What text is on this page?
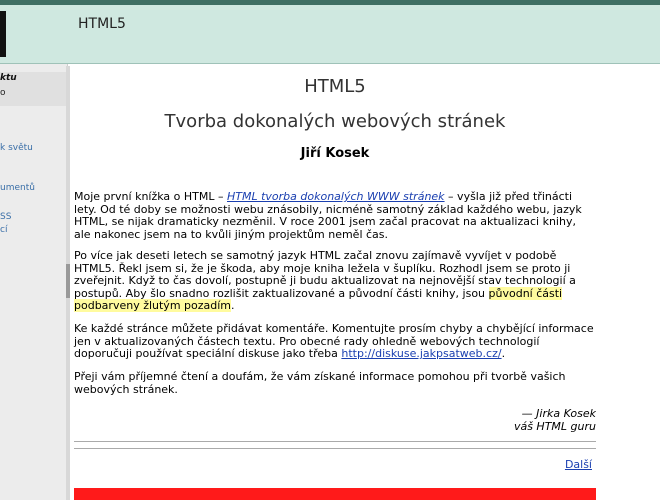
HTML5
ktu
o
k světu
umentů
SS
cí
HTML5
Tvorba dokonalých webových stránek
Jiří Kosek
Moje první knížka o HTML – HTML tvorba dokonalých WWW stránek – vyšla již před třinácti lety. Od té doby se možnosti webu znásobily, nicméně samotný základ každého webu, jazyk HTML, se nijak dramaticky nezměnil. V roce 2001 jsem začal pracovat na aktualizaci knihy, ale nakonec jsem na to kvůli jiným projektům neměl čas.
Po více jak deseti letech se samotný jazyk HTML začal znovu zajímavě vyvíjet v podobě HTML5. Řekl jsem si, že je škoda, aby moje kniha ležela v šuplíku. Rozhodl jsem se proto ji zveřejnit. Když to čas dovolí, postupně ji budu aktualizovat na nejnovější stav technologií a postupů. Aby šlo snadno rozlišit zaktualizované a původní části knihy, jsou původní části podbarveny žlutým pozadím.
Ke každé stránce můžete přidávat komentáře. Komentujte prosím chyby a chybějící informace jen v aktualizovaných částech textu. Pro obecné rady ohledně webových technologií doporučuji používat speciální diskuse jako třeba http://diskuse.jakpsatweb.cz/.
Přeji vám příjemné čtení a doufám, že vám získané informace pomohou při tvorbě vašich webových stránek.
— Jirka Kosek
váš HTML guru
Další
